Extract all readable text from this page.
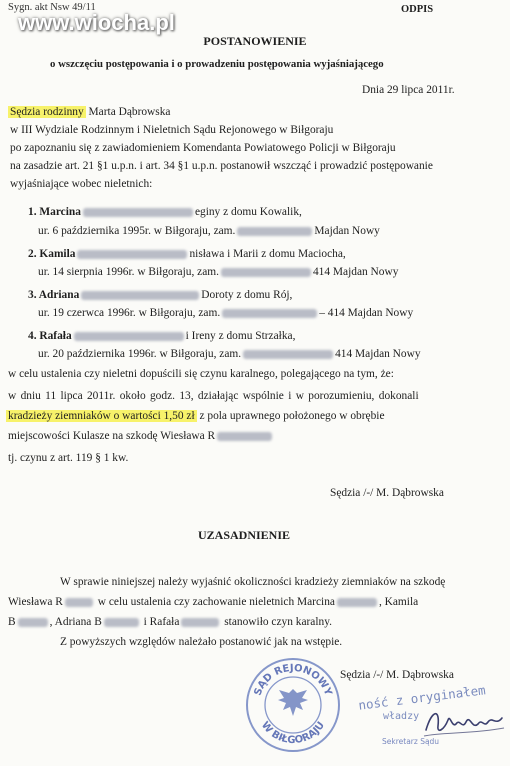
Sygn. akt Nsw 49/11	ODPIS
www.wiocha.pl
POSTANOWIENIE
o wszczęciu postępowania i o prowadzeniu postępowania wyjaśniającego
Dnia 29 lipca 2011r.
Sędzia rodzinny Marta Dąbrowska
w III Wydziale Rodzinnym i Nieletnich Sądu Rejonowego w Biłgoraju
po zapoznaniu się z zawiadomieniem Komendanta Powiatowego Policji w Biłgoraju
na zasadzie art. 21 §1 u.p.n. i art. 34 §1 u.p.n. postanowił wszcząć i prowadzić postępowanie
wyjaśniające wobec nieletnich:
1. Marcina	eginy z domu Kowalik,
ur. 6 października 1995r. w Biłgoraju, zam.	Majdan Nowy
2. Kamila	nisława i Marii z domu Maciocha,
ur. 14 sierpnia 1996r. w Biłgoraju, zam.	414 Majdan Nowy
3. Adriana	Doroty z domu Rój,
ur. 19 czerwca 1996r. w Biłgoraju, zam.	– 414 Majdan Nowy
4. Rafała	i Ireny z domu Strzałka,
ur. 20 października 1996r. w Biłgoraju, zam.	414 Majdan Nowy
w celu ustalenia czy nieletni dopuścili się czynu karalnego, polegającego na tym, że:
w dniu 11 lipca 2011r. około godz. 13, działając wspólnie i w porozumieniu, dokonali
kradzieży ziemniaków o wartości 1,50 zł z pola uprawnego położonego w obrębie
miejscowości Kulasze na szkodę Wiesława R
tj. czynu z art. 119 § 1 kw.
Sędzia /-/ M. Dąbrowska
UZASADNIENIE
W sprawie niniejszej należy wyjaśnić okoliczności kradzieży ziemniaków na szkodę
Wiesława R	w celu ustalenia czy zachowanie nieletnich Marcina	, Kamila
B	, Adriana B	i Rafała	stanowiło czyn karalny.
Z powyższych względów należało postanowić jak na wstępie.
Sędzia /-/ M. Dąbrowska
SĄD REJONOWY
W BIŁGORAJU
ność z oryginałem
władzy
Sekretarz Sądu
